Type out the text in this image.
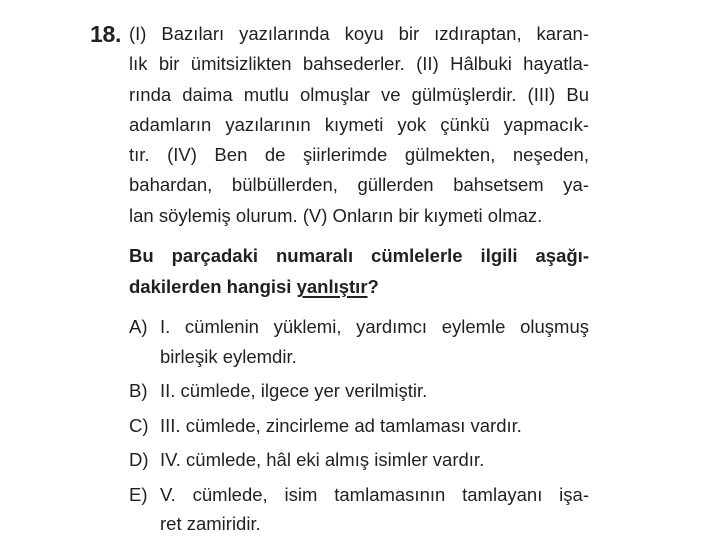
18. (I) Bazıları yazılarında koyu bir ızdıraptan, karan-
lık bir ümitsizlikten bahsederler. (II) Hâlbuki hayatla-
rında daima mutlu olmuşlar ve gülmüşlerdir. (III) Bu
adamların yazılarının kıymeti yok çünkü yapmacık-
tır. (IV) Ben de şiirlerimde gülmekten, neşeden,
bahardan, bülbüllerden, güllerden bahsetsem ya-
lan söylemiş olurum. (V) Onların bir kıymeti olmaz.
Bu parçadaki numaralı cümlelerle ilgili aşağı-
dakilerden hangisi yanlıştır?
A) I. cümlenin yüklemi, yardımcı eylemle oluşmuş
birleşik eylemdir.
B) II. cümlede, ilgece yer verilmiştir.
C) III. cümlede, zincirleme ad tamlaması vardır.
D) IV. cümlede, hâl eki almış isimler vardır.
E) V. cümlede, isim tamlamasının tamlayanı işa-
ret zamiridir.
